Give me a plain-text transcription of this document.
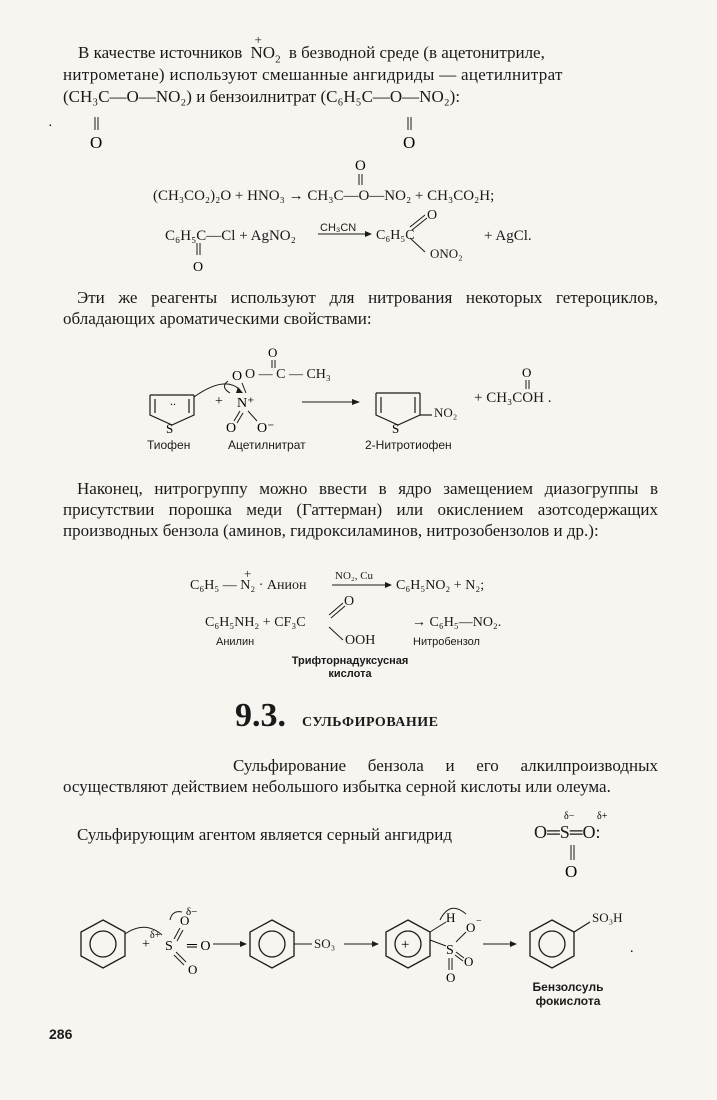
В качестве источников
+
$NO_2$ в безводной среде (в ацетонитриле,
нитрометане) используют смешанные ангидриды — ацетилнитрат
(CH₃C—O—NO₂) и бензоилнитрат (C₆H₅C—O—NO₂):
O	O
·
O
(CH₃CO₂)₂O + HNO₃ → CH₃C—O—NO₂ + CH₃CO₂H;
C₆H₅C—Cl + AgNO₂ CH₃CN
O
C₆H₅C
O
ONO₂
+ AgCl.
Эти же реагенты используют для нитрования некоторых гетероциклов, обладающих ароматическими свойствами:
S
..	+ N⁺
O
O O⁻
O
S
O
O — C — CH₃
NO₂
+ CH₃COH .
Тиофен	Ацетилнитрат	2-Нитротиофен
Наконец, нитрогруппу можно ввести в ядро замещением диазогруппы в присутствии порошка меди (Гаттерман) или окислением азотсодержащих производных бензола (аминов, гидроксиламинов, нитрозобензолов и др.):
+
C₆H₅ — N₂ · Анион
NO₂, Cu
C₆H₅NO₂ + N₂;
C₆H₅NH₂ + CF₃C
O
OOH
→ C₆H₅—NO₂.
Анилин	Нитробензол
Трифторнадуксусная кислота
9.3. СУЛЬФИРОВАНИЕ
Сульфирование бензола и его алкилпроизводных осуществляют действием небольшого избытка серной кислоты или олеума.
Сульфирующим агентом является серный ангидрид	O═S═O:
δ− δ+
O
+
δ+
S
O
δ−
═ O
O
+
H
S
O −
O
O
.
SO₃
SO₃H
Бензолсульфокислота
286
